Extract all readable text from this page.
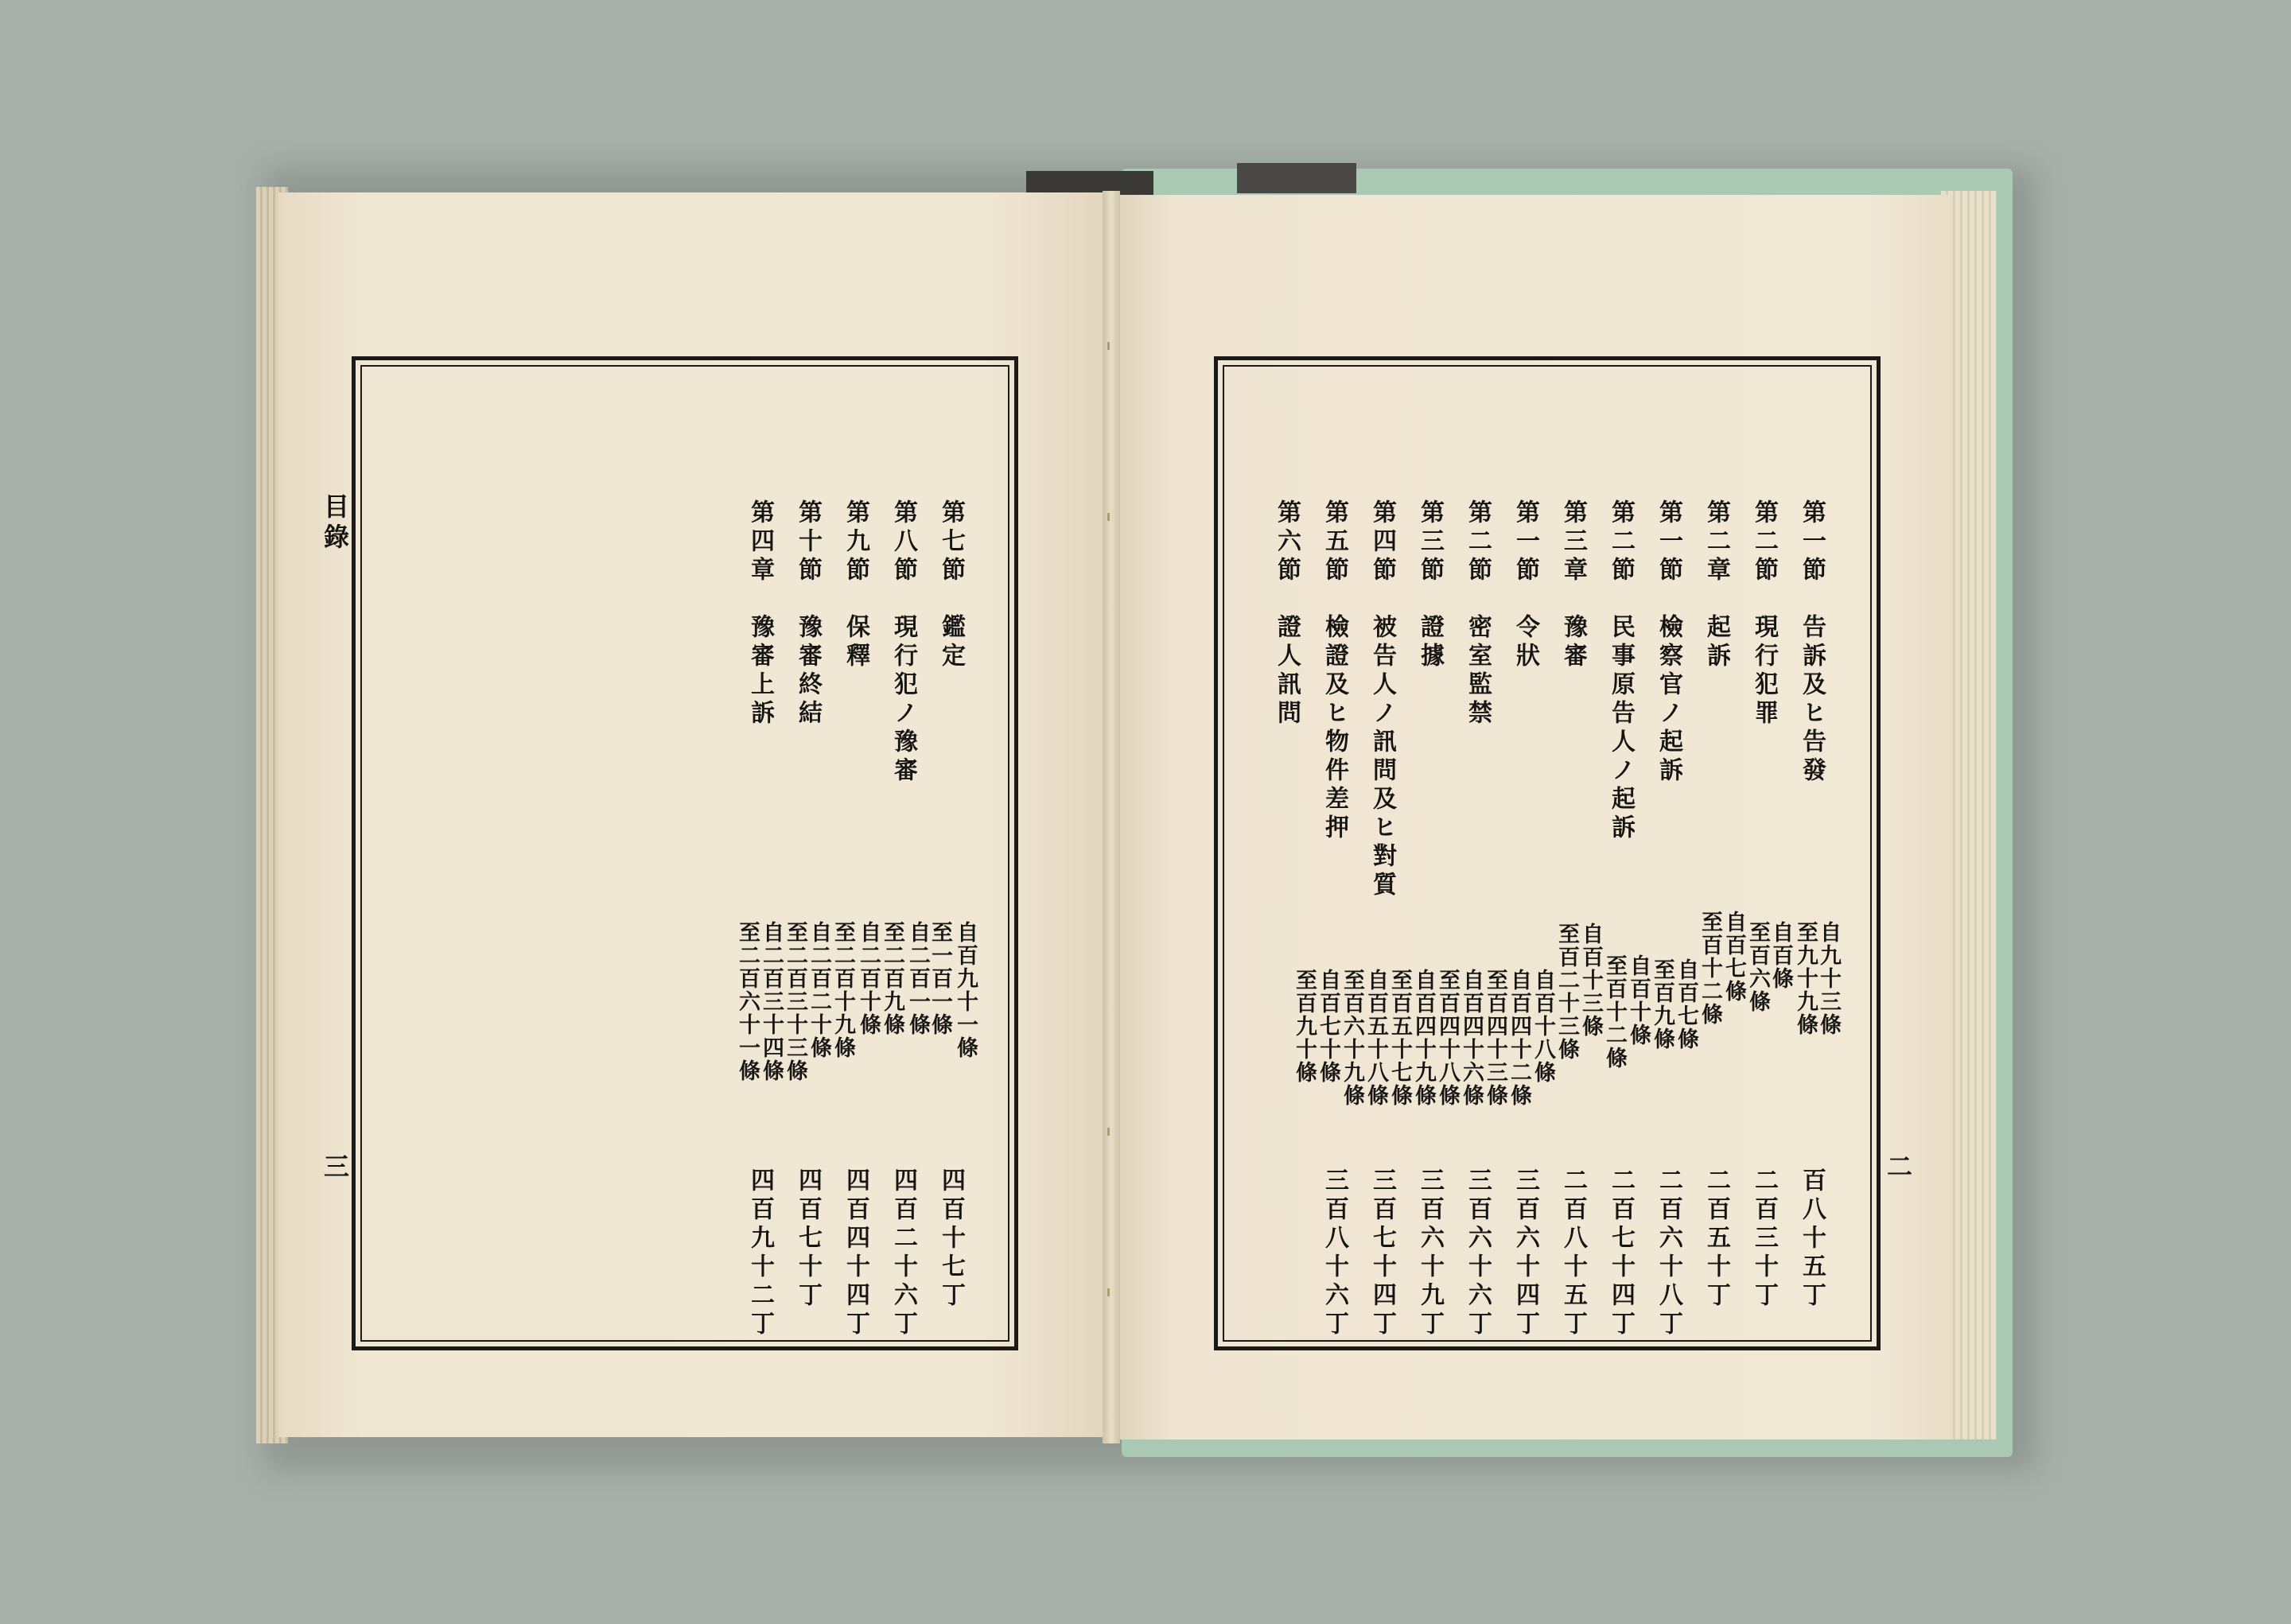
目錄
三
第七節　鑑定
第八節　現行犯ノ豫審
第九節　保釋
第十節　豫審終結
第四章　豫審上訴
自百九十一條
至一百一條
自二百一條
至二百九條
自二百十條
至二百十九條
自二百二十條
至二百三十三條
自二百三十四條
至二百六十一條
四百十七丁
四百二十六丁
四百四十四丁
四百七十丁
四百九十二丁	二
第一節　告訴及ヒ告發
第二節　現行犯罪
第二章　起訴
第一節　檢察官ノ起訴
第二節　民事原告人ノ起訴
第三章　豫審
第一節　令狀
第二節　密室監禁
第三節　證據
第四節　被告人ノ訊問及ヒ對質
第五節　檢證及ヒ物件差押
第六節　證人訊問
自九十三條
至九十九條
自百條
至百六條
自百七條
至百十二條
自百七條
至百九條
自百十條
至百十二條
自百十三條
至百二十三條
自百十八條
自百四十二條
至百四十三條
自百四十六條
至百四十八條
自百四十九條
至百五十七條
自百五十八條
至百六十九條
自百七十條
至百九十條
百八十五丁
二百三十丁
二百五十丁
二百六十八丁
二百七十四丁
二百八十五丁
三百六十四丁
三百六十六丁
三百六十九丁
三百七十四丁
三百八十六丁
